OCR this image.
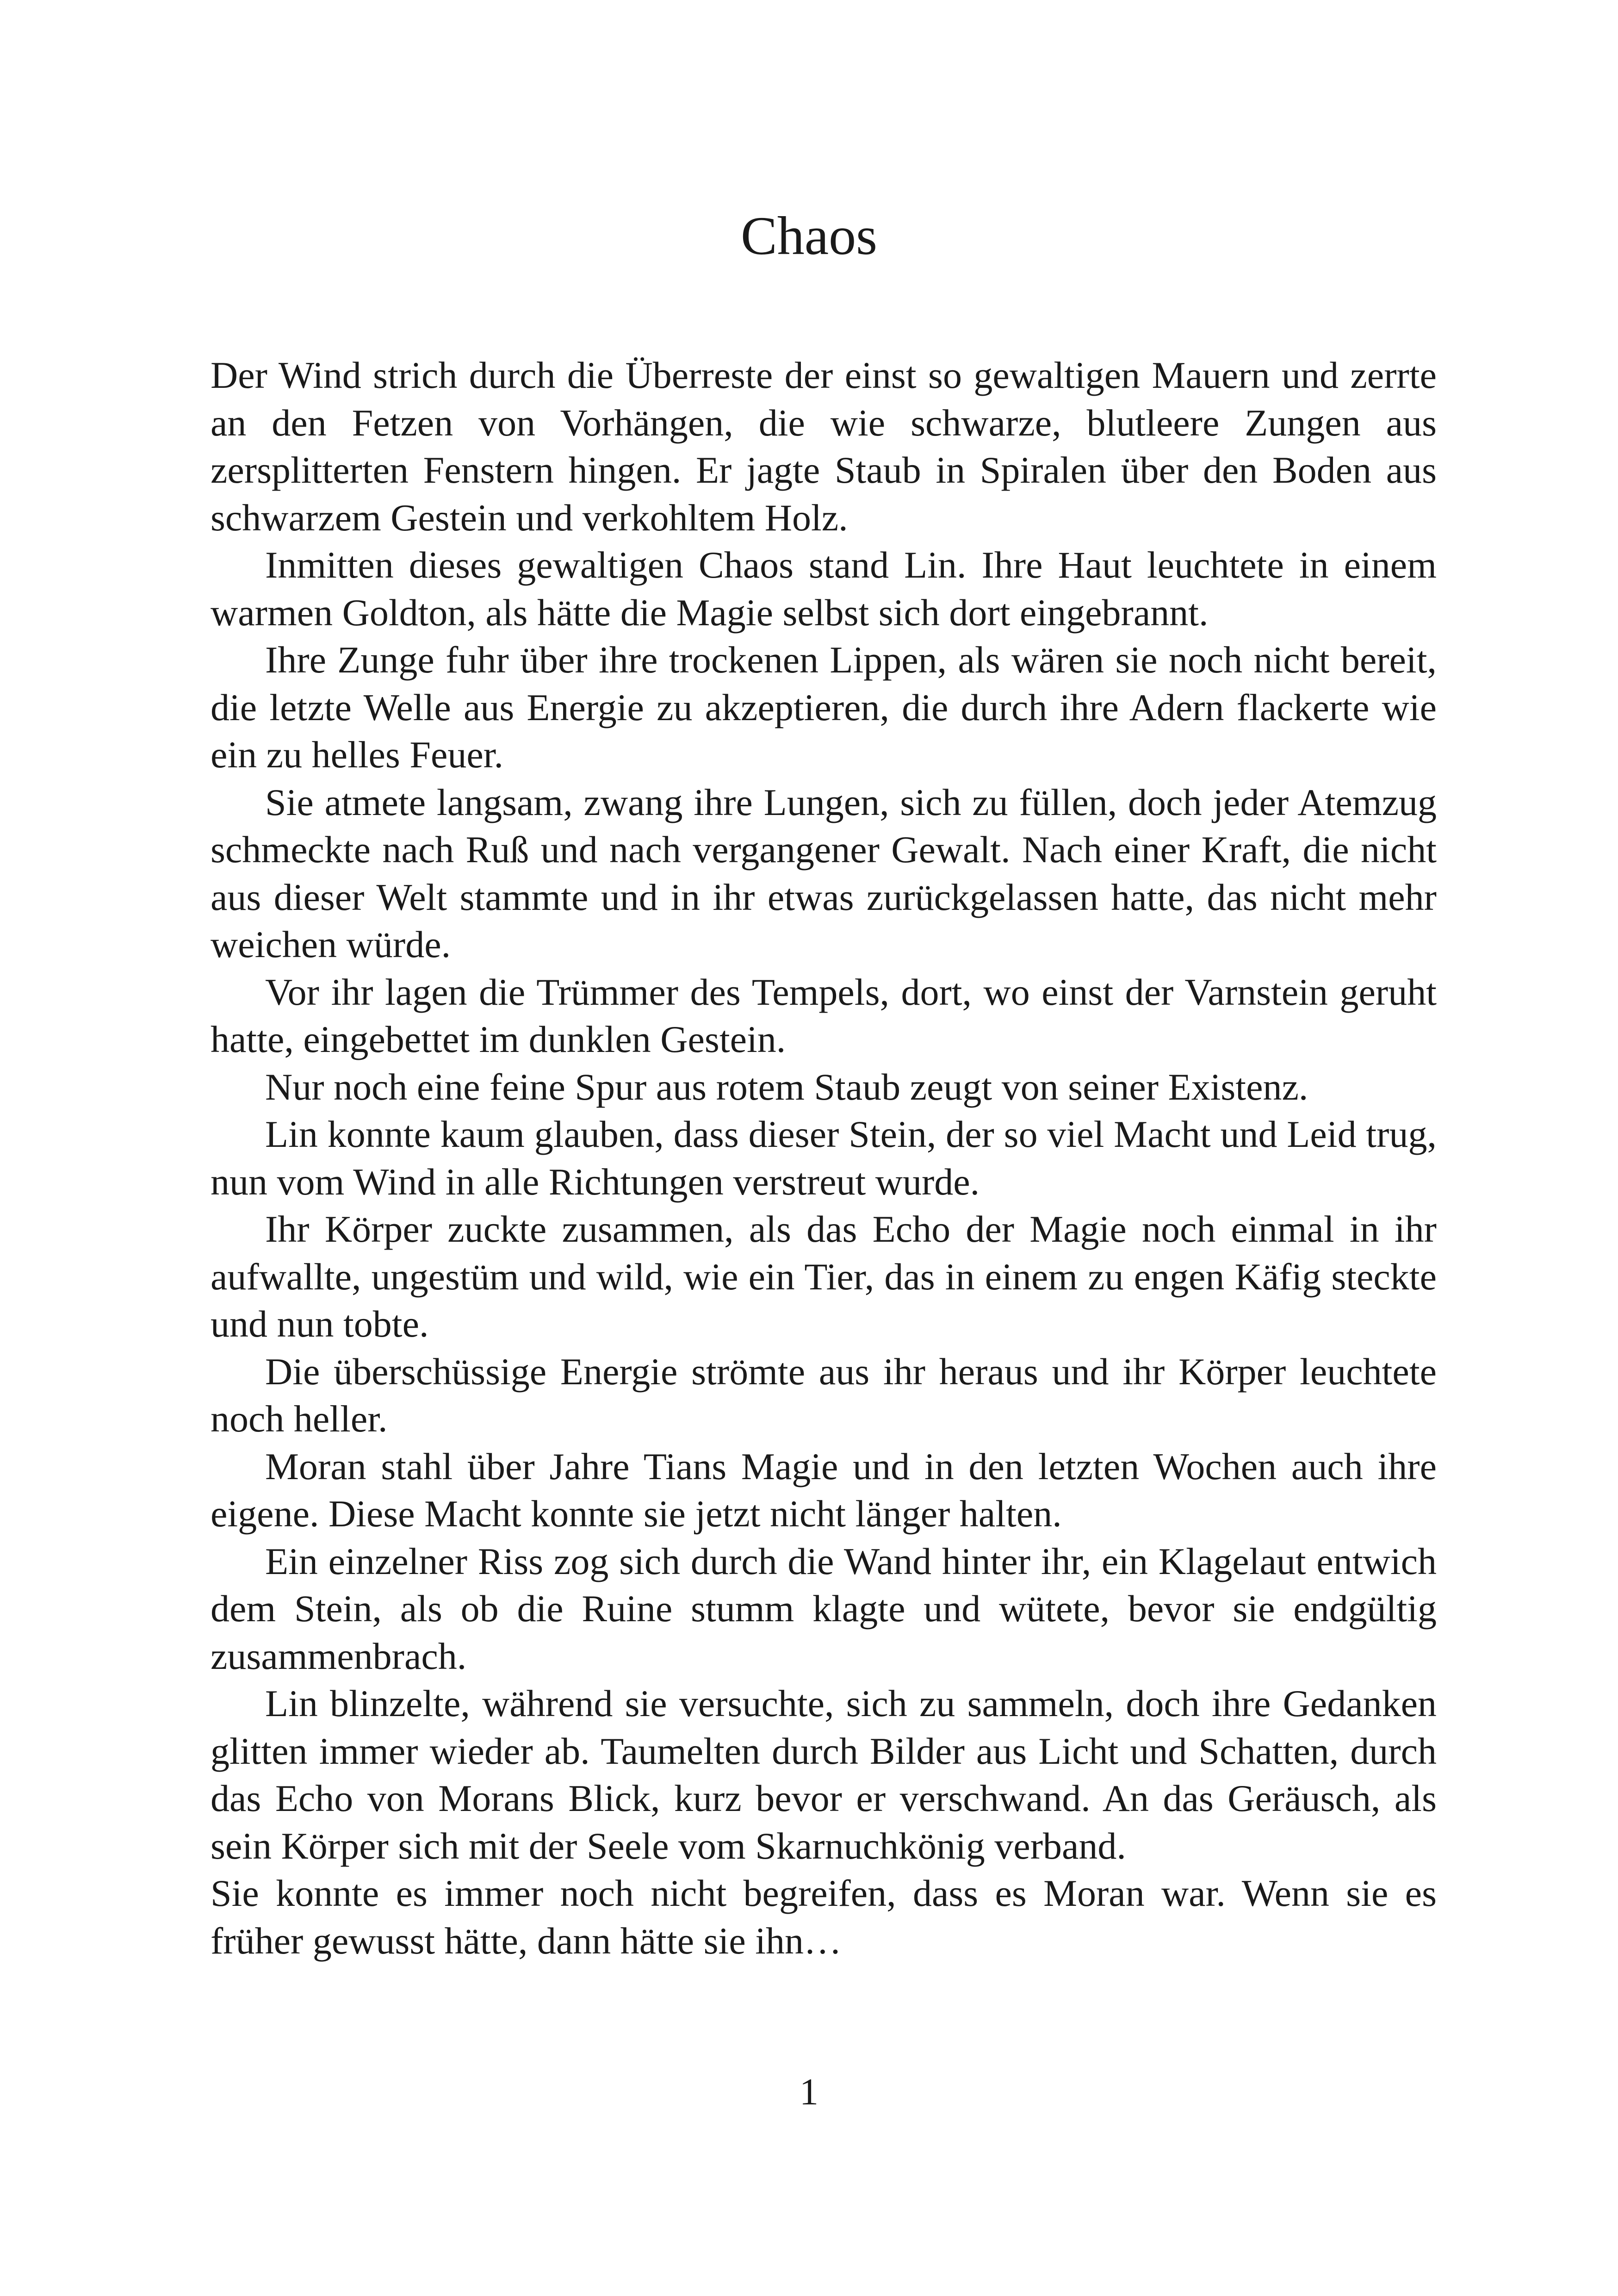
Chaos

Der Wind strich durch die Überreste der einst so gewaltigen Mauern und zerrte an den Fetzen von Vorhängen, die wie schwarze, blutleere Zungen aus zersplitterten Fenstern hingen. Er jagte Staub in Spiralen über den Boden aus schwarzem Gestein und verkohltem Holz.

Inmitten dieses gewaltigen Chaos stand Lin. Ihre Haut leuchtete in einem warmen Goldton, als hätte die Magie selbst sich dort eingebrannt.

Ihre Zunge fuhr über ihre trockenen Lippen, als wären sie noch nicht bereit, die letzte Welle aus Energie zu akzeptieren, die durch ihre Adern flackerte wie ein zu helles Feuer.

Sie atmete langsam, zwang ihre Lungen, sich zu füllen, doch jeder Atemzug schmeckte nach Ruß und nach vergangener Gewalt. Nach einer Kraft, die nicht aus dieser Welt stammte und in ihr etwas zurückgelassen hatte, das nicht mehr weichen würde.

Vor ihr lagen die Trümmer des Tempels, dort, wo einst der Varnstein geruht hatte, eingebettet im dunklen Gestein.

Nur noch eine feine Spur aus rotem Staub zeugt von seiner Existenz.

Lin konnte kaum glauben, dass dieser Stein, der so viel Macht und Leid trug, nun vom Wind in alle Richtungen verstreut wurde.

Ihr Körper zuckte zusammen, als das Echo der Magie noch einmal in ihr aufwallte, ungestüm und wild, wie ein Tier, das in einem zu engen Käfig steckte und nun tobte.

Die überschüssige Energie strömte aus ihr heraus und ihr Körper leuchtete noch heller.

Moran stahl über Jahre Tians Magie und in den letzten Wochen auch ihre eigene. Diese Macht konnte sie jetzt nicht länger halten.

Ein einzelner Riss zog sich durch die Wand hinter ihr, ein Klagelaut entwich dem Stein, als ob die Ruine stumm klagte und wütete, bevor sie endgültig zusammenbrach.

Lin blinzelte, während sie versuchte, sich zu sammeln, doch ihre Gedanken glitten immer wieder ab. Taumelten durch Bilder aus Licht und Schatten, durch das Echo von Morans Blick, kurz bevor er verschwand. An das Geräusch, als sein Körper sich mit der Seele vom Skarnuchkönig verband.

Sie konnte es immer noch nicht begreifen, dass es Moran war. Wenn sie es früher gewusst hätte, dann hätte sie ihn…

1
